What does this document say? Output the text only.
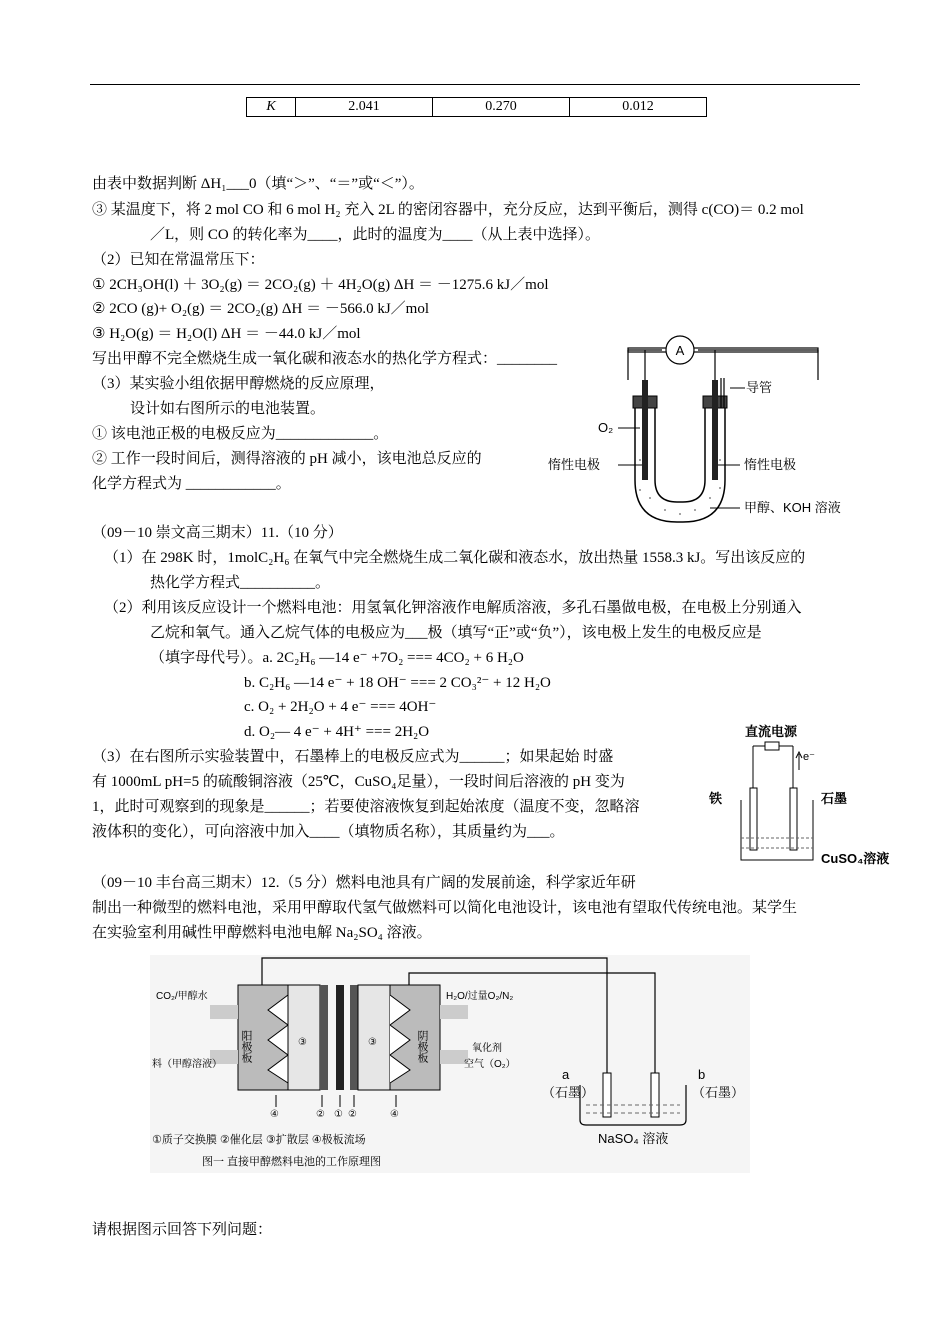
K	2.041	0.270	0.012
由表中数据判断 ΔH₁___0（填“＞”、“＝”或“＜”）。
③ 某温度下，将 2 mol CO 和 6 mol H₂ 充入 2L 的密闭容器中，充分反应，达到平衡后，测得 c(CO)＝ 0.2 mol
／L，则 CO 的转化率为____，此时的温度为____（从上表中选择）。
（2）已知在常温常压下：
① 2CH₃OH(l) ＋ 3O₂(g) ＝ 2CO₂(g) ＋ 4H₂O(g) ΔH ＝ －1275.6 kJ／mol
② 2CO (g)+ O₂(g) ＝ 2CO₂(g) ΔH ＝ －566.0 kJ／mol
③ H₂O(g) ＝ H₂O(l) ΔH ＝ －44.0 kJ／mol
写出甲醇不完全燃烧生成一氧化碳和液态水的热化学方程式：________
（3）某实验小组依据甲醇燃烧的反应原理，
设计如右图所示的电池装置。
① 该电池正极的电极反应为_____________。
② 工作一段时间后，测得溶液的 pH 减小，该电池总反应的
化学方程式为 ____________。
（09－10 崇文高三期末）11.（10 分）
（1）在 298K 时，1molC₂H₆ 在氧气中完全燃烧生成二氧化碳和液态水，放出热量 1558.3 kJ。写出该反应的
热化学方程式__________。
（2）利用该反应设计一个燃料电池：用氢氧化钾溶液作电解质溶液，多孔石墨做电极，在电极上分别通入
乙烷和氧气。通入乙烷气体的电极应为___极（填写“正”或“负”），该电极上发生的电极反应是
（填字母代号）。a. 2C₂H₆ —14 e⁻ +7O₂ === 4CO₂ + 6 H₂O
b. C₂H₆ —14 e⁻ + 18 OH⁻ === 2 CO₃²⁻ + 12 H₂O
c. O₂ + 2H₂O + 4 e⁻ === 4OH⁻
d. O₂— 4 e⁻ + 4H⁺ === 2H₂O
（3）在右图所示实验装置中，石墨棒上的电极反应式为______；如果起始 时盛
有 1000mL pH=5 的硫酸铜溶液（25℃，CuSO₄足量），一段时间后溶液的 pH 变为
1，此时可观察到的现象是______；若要使溶液恢复到起始浓度（温度不变，忽略溶
液体积的变化），可向溶液中加入____（填物质名称），其质量约为___。
（09－10 丰台高三期末）12.（5 分）燃料电池具有广阔的发展前途，科学家近年研
制出一种微型的燃料电池，采用甲醇取代氢气做燃料可以简化电池设计，该电池有望取代传统电池。某学生
在实验室利用碱性甲醇燃料电池电解 Na₂SO₄ 溶液。
请根据图示回答下列问题：
A
导管
O₂
惰性电极	惰性电极
甲醇、KOH 溶液
直流电源
e⁻
铁	石墨
CuSO₄溶液
阳极板	③	③	阴极板
CO₂/甲醇水
料（甲醇溶液）
H₂O/过量O₂/N₂
氧化剂
空气（O₂）
④	② ① ②	④
①质子交换膜 ②催化层 ③扩散层 ④极板流场
图一 直接甲醇燃料电池的工作原理图
a
（石墨）
b
（石墨）
NaSO₄ 溶液
